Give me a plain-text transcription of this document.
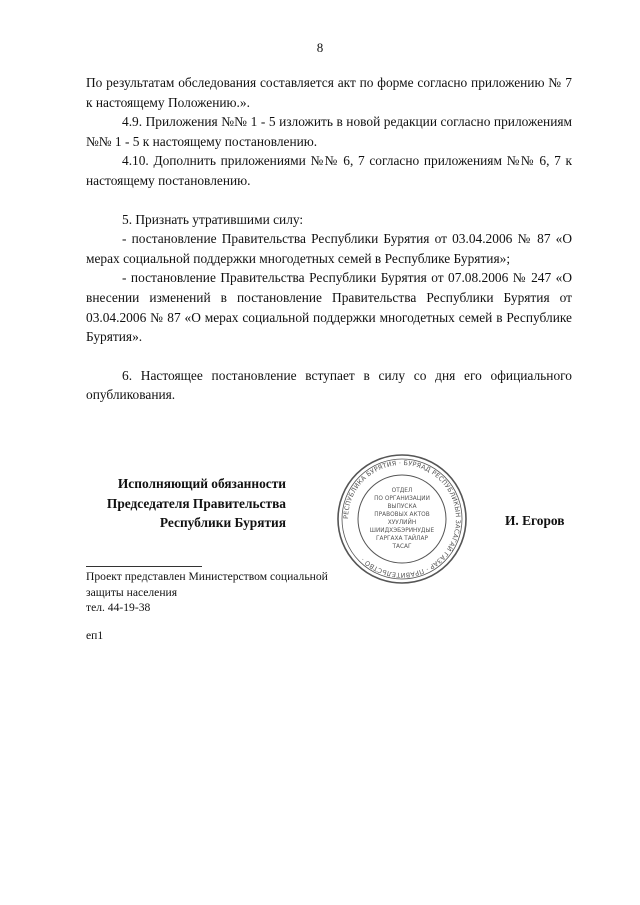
8

По результатам обследования составляется акт по форме согласно приложению № 7 к настоящему Положению.».

4.9. Приложения №№ 1 - 5 изложить в новой редакции согласно приложениям №№ 1 - 5 к настоящему постановлению.

4.10. Дополнить приложениями №№ 6, 7 согласно приложениям №№ 6, 7 к настоящему постановлению.

5. Признать утратившими силу:

- постановление Правительства Республики Бурятия от 03.04.2006 № 87 «О мерах социальной поддержки многодетных семей в Республике Бурятия»;

- постановление Правительства Республики Бурятия от 07.08.2006 № 247 «О внесении изменений в постановление Правительства Республики Бурятия от 03.04.2006 № 87 «О мерах социальной поддержки многодетных семей в Республике Бурятия».

6. Настоящее постановление вступает в силу со дня его официального опубликования.

Исполняющий обязанности
Председателя Правительства
Республики Бурятия	РЕСПУБЛИКА БУРЯТИЯ · БУРЯАД РЕСПУБЛИКЫН ЗАСАГАЙ ГАЗАР · ПРАВИТЕЛЬСТВО ·
ОТДЕЛ
ПО ОРГАНИЗАЦИИ
ВЫПУСКА
ПРАВОВЫХ АКТОВ
ХУУЛИЙН
ШИИДХЭБЭРИНУДЫЕ
ГАРГАХА ТАЙЛАР
ТАСАГ
И. Егоров
Проект представлен Министерством социальной
защиты населения
тел. 44-19-38
еп1
